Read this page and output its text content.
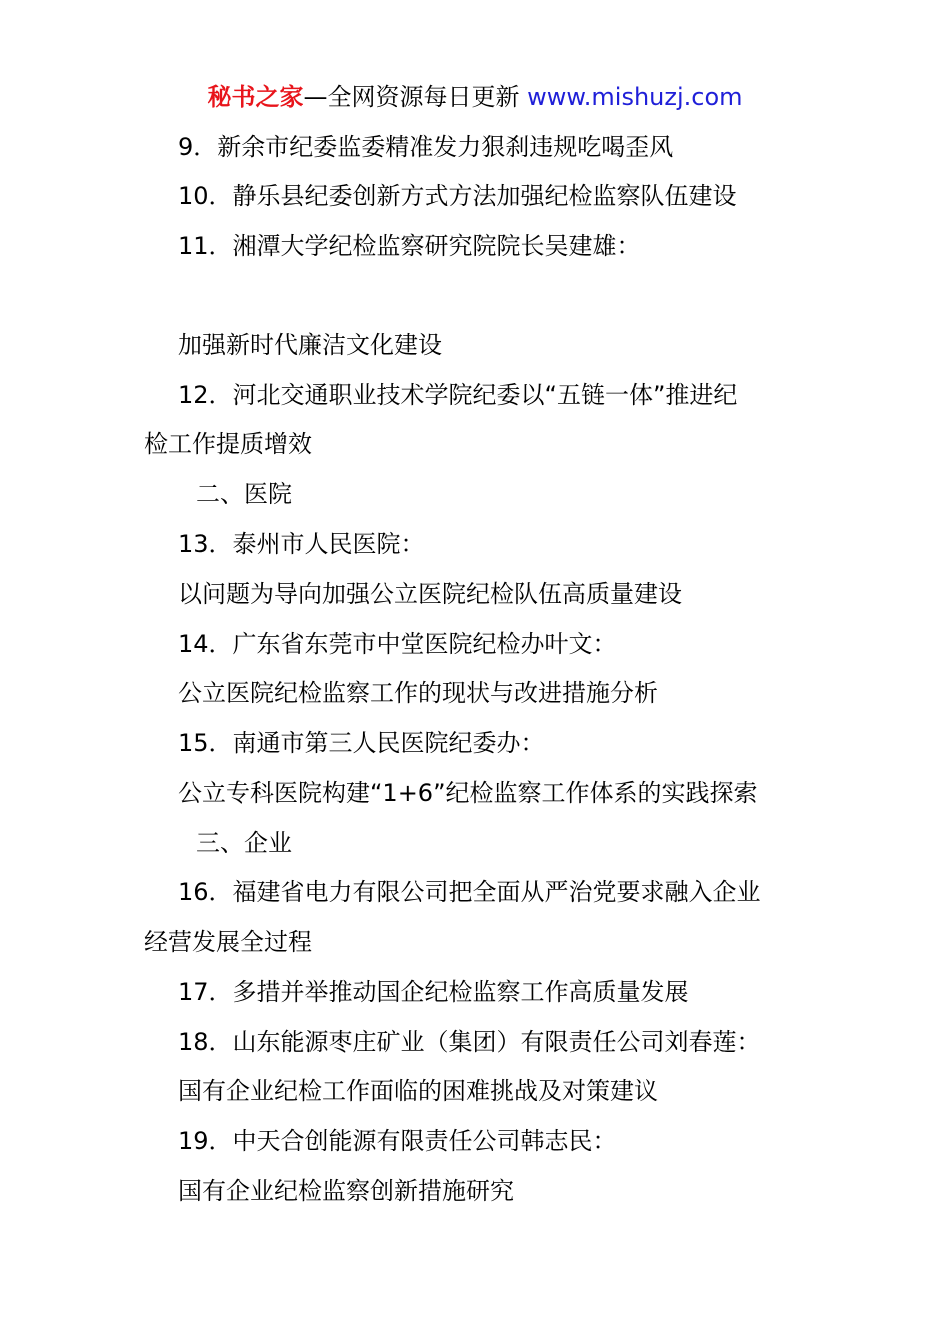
秘书之家—全网资源每日更新 www.mishuzj.com
9．新余市纪委监委精准发力狠刹违规吃喝歪风
10．静乐县纪委创新方式方法加强纪检监察队伍建设
11．湘潭大学纪检监察研究院院长吴建雄：
加强新时代廉洁文化建设
12．河北交通职业技术学院纪委以“五链一体”推进纪
检工作提质增效
二、医院
13．泰州市人民医院：
以问题为导向加强公立医院纪检队伍高质量建设
14．广东省东莞市中堂医院纪检办叶文：
公立医院纪检监察工作的现状与改进措施分析
15．南通市第三人民医院纪委办：
公立专科医院构建“1+6”纪检监察工作体系的实践探索
三、企业
16．福建省电力有限公司把全面从严治党要求融入企业
经营发展全过程
17．多措并举推动国企纪检监察工作高质量发展
18．山东能源枣庄矿业（集团）有限责任公司刘春莲：
国有企业纪检工作面临的困难挑战及对策建议
19．中天合创能源有限责任公司韩志民：
国有企业纪检监察创新措施研究
